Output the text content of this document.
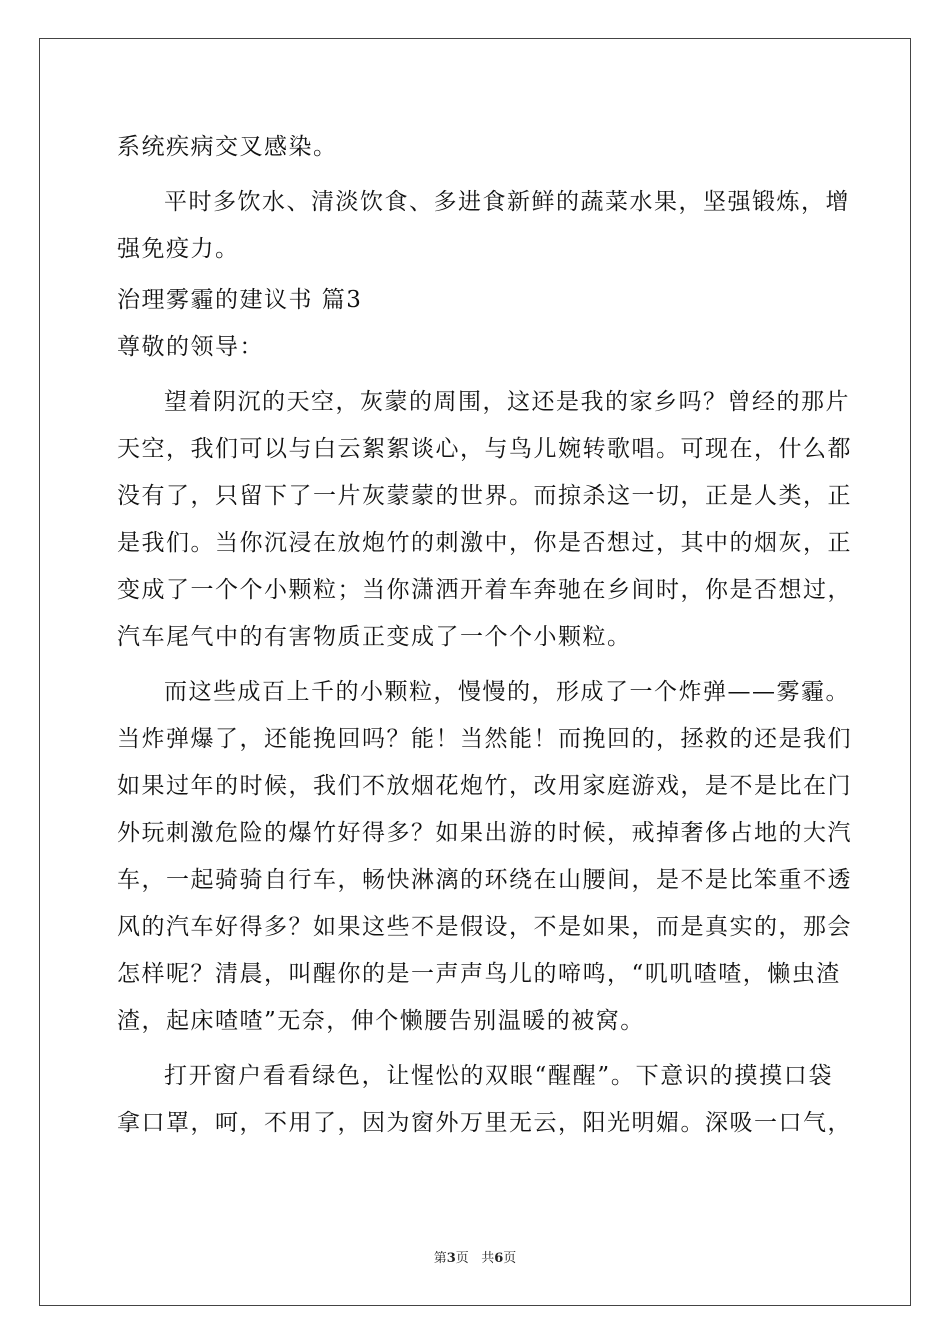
系统疾病交叉感染。
平时多饮水、清淡饮食、多进食新鲜的蔬菜水果，坚强锻炼，增
强免疫力。
治理雾霾的建议书 篇3
尊敬的领导：
望着阴沉的天空，灰蒙的周围，这还是我的家乡吗？曾经的那片
天空，我们可以与白云絮絮谈心，与鸟儿婉转歌唱。可现在，什么都
没有了，只留下了一片灰蒙蒙的世界。而掠杀这一切，正是人类，正
是我们。当你沉浸在放炮竹的刺激中，你是否想过，其中的烟灰，正
变成了一个个小颗粒；当你潇洒开着车奔驰在乡间时，你是否想过，
汽车尾气中的有害物质正变成了一个个小颗粒。
而这些成百上千的小颗粒，慢慢的，形成了一个炸弹——雾霾。
当炸弹爆了，还能挽回吗？能！当然能！而挽回的，拯救的还是我们
如果过年的时候，我们不放烟花炮竹，改用家庭游戏，是不是比在门
外玩刺激危险的爆竹好得多？如果出游的时候，戒掉奢侈占地的大汽
车，一起骑骑自行车，畅快淋漓的环绕在山腰间，是不是比笨重不透
风的汽车好得多？如果这些不是假设，不是如果，而是真实的，那会
怎样呢？清晨，叫醒你的是一声声鸟儿的啼鸣，“叽叽喳喳，懒虫渣
渣，起床喳喳”无奈，伸个懒腰告别温暖的被窝。
打开窗户看看绿色，让惺忪的双眼“醒醒”。下意识的摸摸口袋
拿口罩，呵，不用了，因为窗外万里无云，阳光明媚。深吸一口气，
第3页 共6页
